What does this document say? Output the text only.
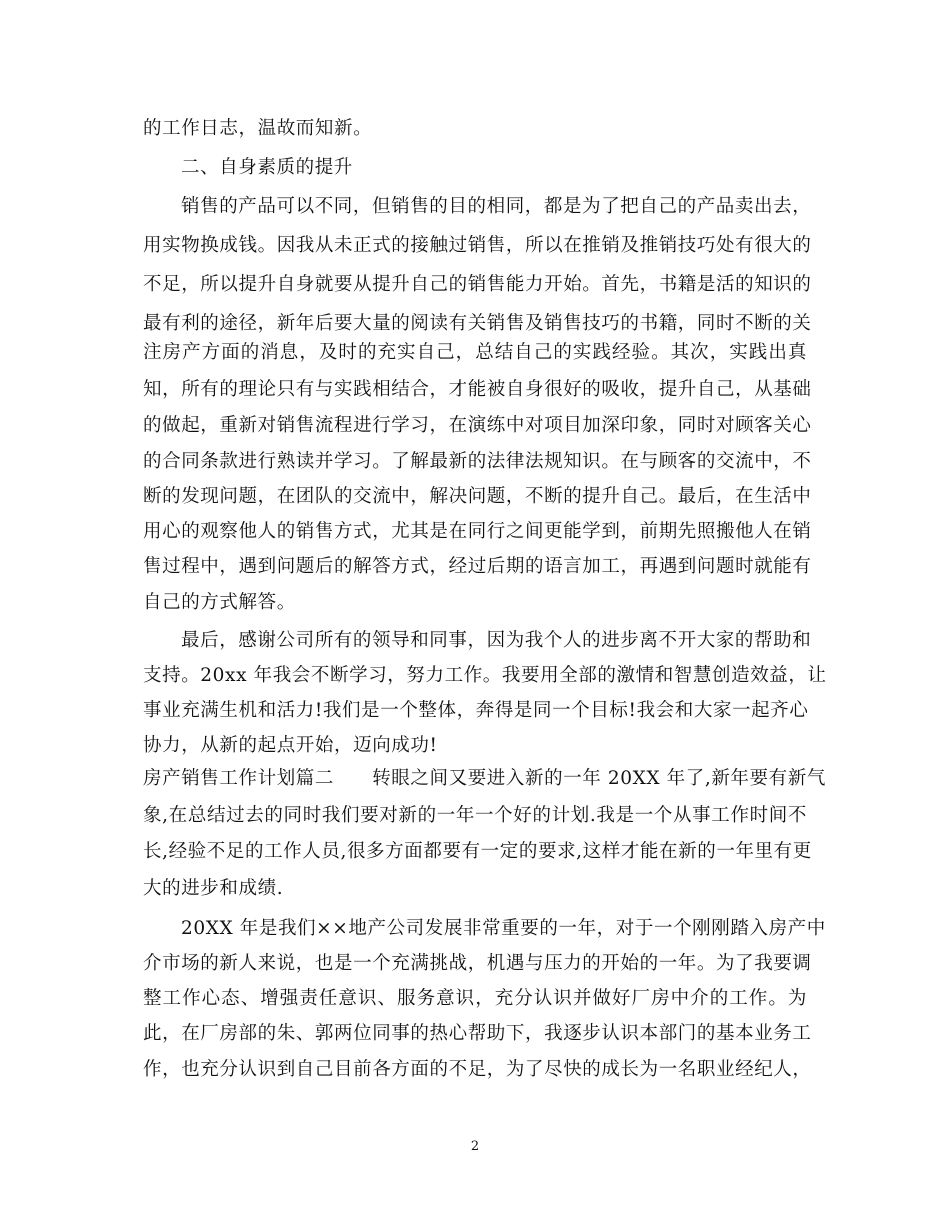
的工作日志，温故而知新。
二、自身素质的提升
销售的产品可以不同，但销售的目的相同，都是为了把自己的产品卖出去，
用实物换成钱。因我从未正式的接触过销售，所以在推销及推销技巧处有很大的
不足，所以提升自身就要从提升自己的销售能力开始。首先，书籍是活的知识的
最有利的途径，新年后要大量的阅读有关销售及销售技巧的书籍，同时不断的关
注房产方面的消息，及时的充实自己，总结自己的实践经验。其次，实践出真
知，所有的理论只有与实践相结合，才能被自身很好的吸收，提升自己，从基础
的做起，重新对销售流程进行学习，在演练中对项目加深印象，同时对顾客关心
的合同条款进行熟读并学习。了解最新的法律法规知识。在与顾客的交流中，不
断的发现问题，在团队的交流中，解决问题，不断的提升自己。最后，在生活中
用心的观察他人的销售方式，尤其是在同行之间更能学到，前期先照搬他人在销
售过程中，遇到问题后的解答方式，经过后期的语言加工，再遇到问题时就能有
自己的方式解答。
最后，感谢公司所有的领导和同事，因为我个人的进步离不开大家的帮助和
支持。20xx 年我会不断学习，努力工作。我要用全部的激情和智慧创造效益，让
事业充满生机和活力!我们是一个整体，奔得是同一个目标!我会和大家一起齐心
协力，从新的起点开始，迈向成功!
房产销售工作计划篇二　　转眼之间又要进入新的一年 20XX 年了,新年要有新气
象,在总结过去的同时我们要对新的一年一个好的计划.我是一个从事工作时间不
长,经验不足的工作人员,很多方面都要有一定的要求,这样才能在新的一年里有更
大的进步和成绩.
20XX 年是我们××地产公司发展非常重要的一年，对于一个刚刚踏入房产中
介市场的新人来说，也是一个充满挑战，机遇与压力的开始的一年。为了我要调
整工作心态、增强责任意识、服务意识，充分认识并做好厂房中介的工作。为
此，在厂房部的朱、郭两位同事的热心帮助下，我逐步认识本部门的基本业务工
作，也充分认识到自己目前各方面的不足，为了尽快的成长为一名职业经纪人，
2
